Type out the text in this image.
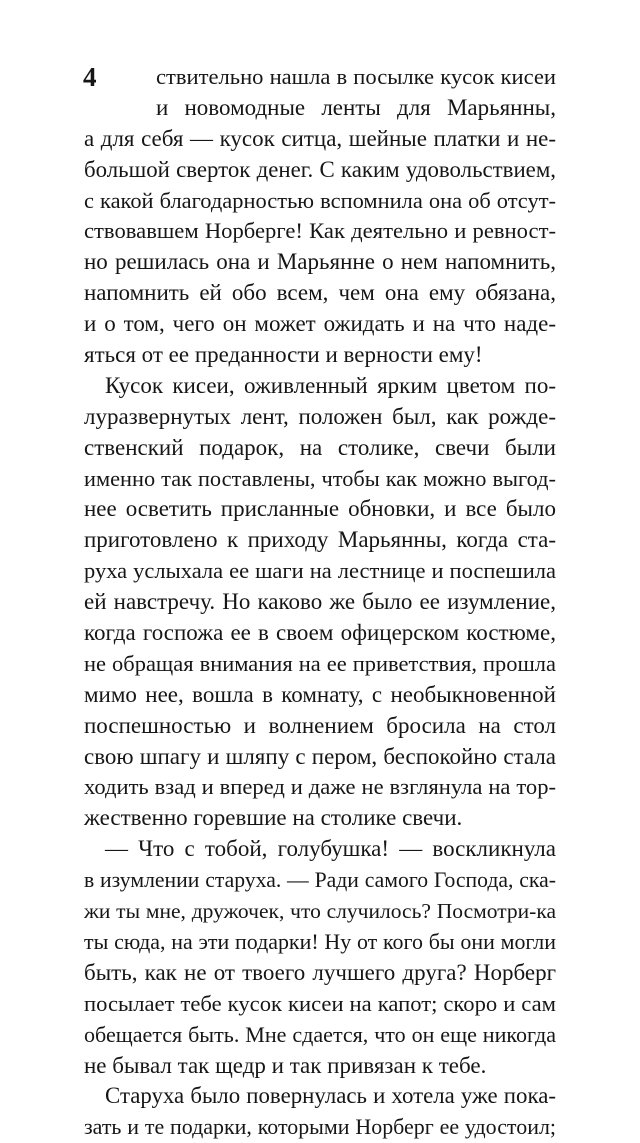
4	ствительно нашла в посылке кусок кисеи
и новомодные ленты для Марьянны,
а для себя — кусок ситца, шейные платки и не-
большой сверток денег. С каким удовольствием,
с какой благодарностью вспомнила она об отсут-
ствовавшем Норберге! Как деятельно и ревност-
но решилась она и Марьянне о нем напомнить,
напомнить ей обо всем, чем она ему обязана,
и о том, чего он может ожидать и на что наде-
яться от ее преданности и верности ему!
Кусок кисеи, оживленный ярким цветом по-
луразвернутых лент, положен был, как рожде-
ственский подарок, на столике, свечи были
именно так поставлены, чтобы как можно выгод-
нее осветить присланные обновки, и все было
приготовлено к приходу Марьянны, когда ста-
руха услыхала ее шаги на лестнице и поспешила
ей навстречу. Но каково же было ее изумление,
когда госпожа ее в своем офицерском костюме,
не обращая внимания на ее приветствия, прошла
мимо нее, вошла в комнату, с необыкновенной
поспешностью и волнением бросила на стол
свою шпагу и шляпу с пером, беспокойно стала
ходить взад и вперед и даже не взглянула на тор-
жественно горевшие на столике свечи.
— Что с тобой, голубушка! — воскликнула
в изумлении старуха. — Ради самого Господа, ска-
жи ты мне, дружочек, что случилось? Посмотри-ка
ты сюда, на эти подарки! Ну от кого бы они могли
быть, как не от твоего лучшего друга? Норберг
посылает тебе кусок кисеи на капот; скоро и сам
обещается быть. Мне сдается, что он еще никогда
не бывал так щедр и так привязан к тебе.
Старуха было повернулась и хотела уже пока-
зать и те подарки, которыми Норберг ее удостоил;
